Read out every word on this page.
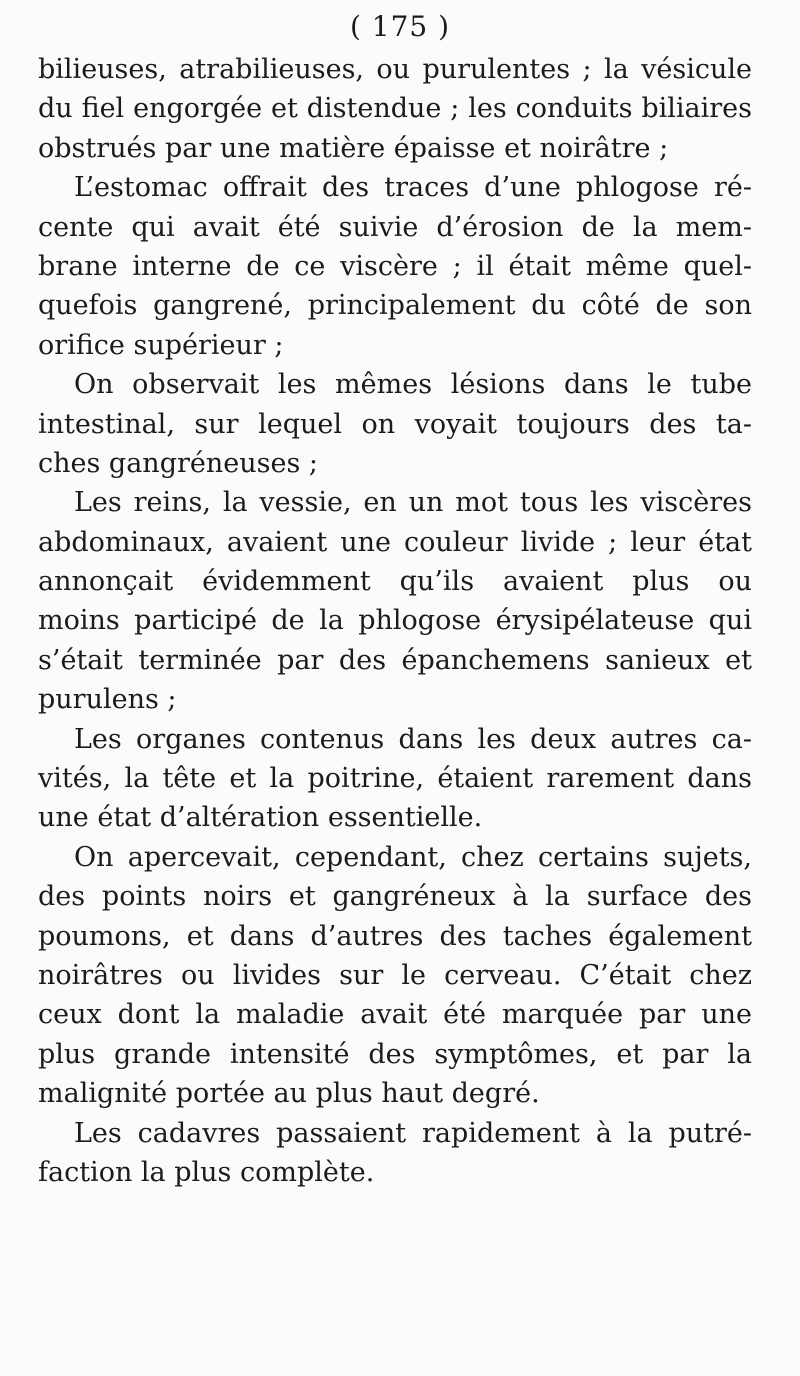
( 175 )
bilieuses, atrabilieuses, ou purulentes ; la vésicule
du fiel engorgée et distendue ; les conduits biliaires
obstrués par une matière épaisse et noirâtre ;
L’estomac offrait des traces d’une phlogose ré-
cente qui avait été suivie d’érosion de la mem-
brane interne de ce viscère ; il était même quel-
quefois gangrené, principalement du côté de son
orifice supérieur ;
On observait les mêmes lésions dans le tube
intestinal, sur lequel on voyait toujours des ta-
ches gangréneuses ;
Les reins, la vessie, en un mot tous les viscères
abdominaux, avaient une couleur livide ; leur état
annonçait évidemment qu’ils avaient plus ou
moins participé de la phlogose érysipélateuse qui
s’était terminée par des épanchemens sanieux et
purulens ;
Les organes contenus dans les deux autres ca-
vités, la tête et la poitrine, étaient rarement dans
une état d’altération essentielle.
On apercevait, cependant, chez certains sujets,
des points noirs et gangréneux à la surface des
poumons, et dans d’autres des taches également
noirâtres ou livides sur le cerveau. C’était chez
ceux dont la maladie avait été marquée par une
plus grande intensité des symptômes, et par la
malignité portée au plus haut degré.
Les cadavres passaient rapidement à la putré-
faction la plus complète.
